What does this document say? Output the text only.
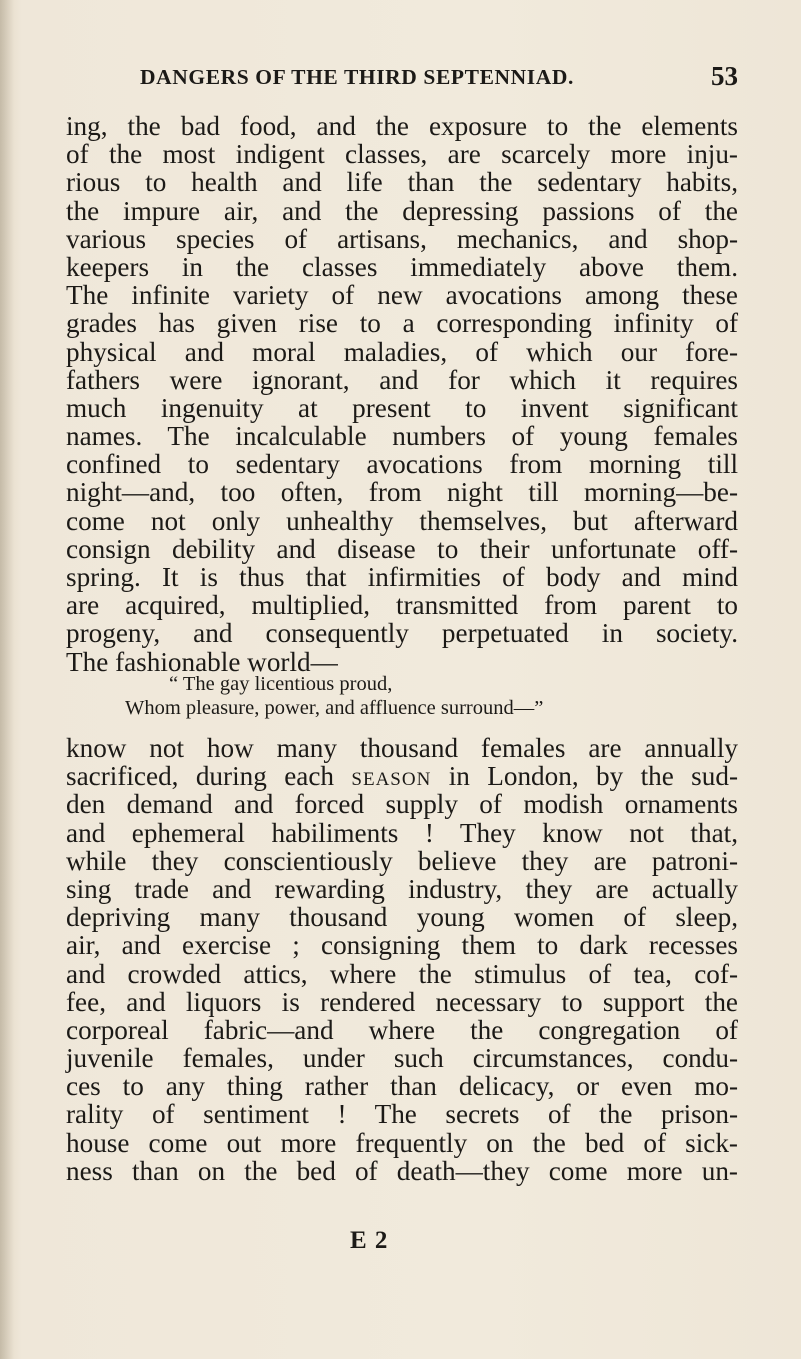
DANGERS OF THE THIRD SEPTENNIAD.	53
ing, the bad food, and the exposure to the elements
of the most indigent classes, are scarcely more inju-
rious to health and life than the sedentary habits,
the impure air, and the depressing passions of the
various species of artisans, mechanics, and shop-
keepers in the classes immediately above them.
The infinite variety of new avocations among these
grades has given rise to a corresponding infinity of
physical and moral maladies, of which our fore-
fathers were ignorant, and for which it requires
much ingenuity at present to invent significant
names. The incalculable numbers of young females
confined to sedentary avocations from morning till
night—and, too often, from night till morning—be-
come not only unhealthy themselves, but afterward
consign debility and disease to their unfortunate off-
spring. It is thus that infirmities of body and mind
are acquired, multiplied, transmitted from parent to
progeny, and consequently perpetuated in society.
The fashionable world—
“ The gay licentious proud,
Whom pleasure, power, and affluence surround—”
know not how many thousand females are annually
sacrificed, during each season in London, by the sud-
den demand and forced supply of modish ornaments
and ephemeral habiliments ! They know not that,
while they conscientiously believe they are patroni-
sing trade and rewarding industry, they are actually
depriving many thousand young women of sleep,
air, and exercise ; consigning them to dark recesses
and crowded attics, where the stimulus of tea, cof-
fee, and liquors is rendered necessary to support the
corporeal fabric—and where the congregation of
juvenile females, under such circumstances, condu-
ces to any thing rather than delicacy, or even mo-
rality of sentiment ! The secrets of the prison-
house come out more frequently on the bed of sick-
ness than on the bed of death—they come more un-
E 2
